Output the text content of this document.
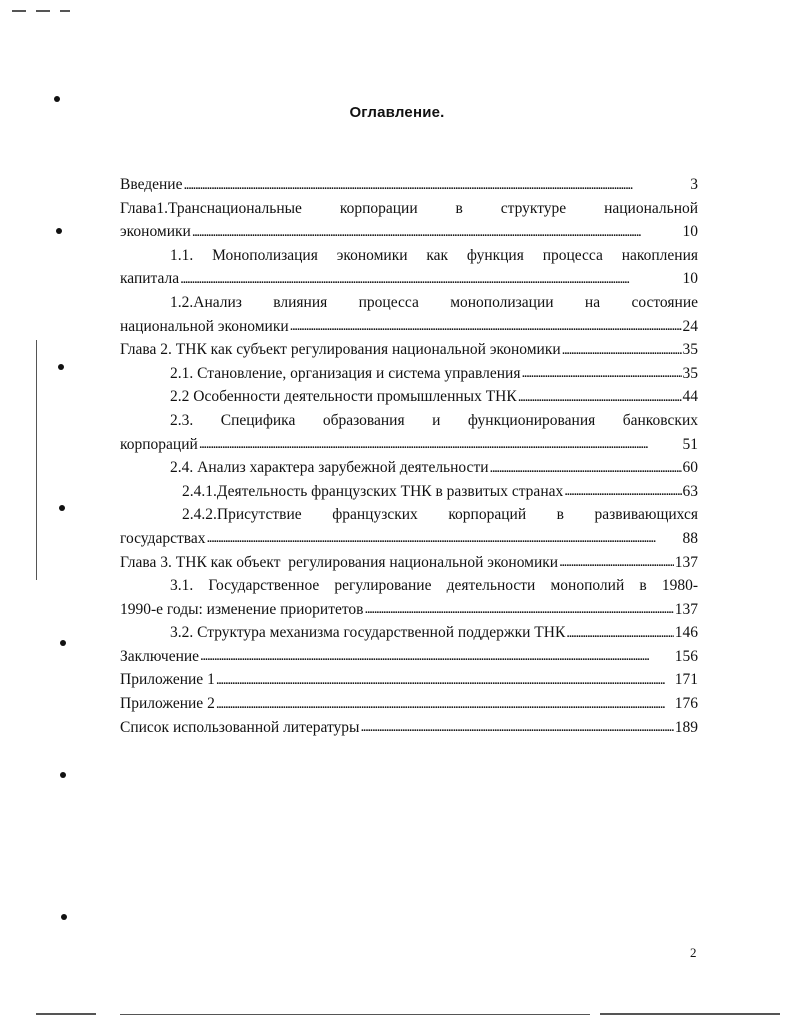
Оглавление.
Введение . . .	3
Глава1.Транснациональные корпорации в структуре национальной
экономики . . .	10
1.1. Монополизация экономики как функция процесса накопления
капитала . . .	10
1.2.Анализ влияния процесса монополизации на состояние
национальной экономики . . .	24
Глава 2. ТНК как субъект регулирования национальной экономики . . .	35
2.1. Становление, организация и система управления . . .	35
2.2 Особенности деятельности промышленных ТНК . . .	44
2.3. Специфика образования и функционирования банковских
корпораций . . .	51
2.4. Анализ характера зарубежной деятельности . . .	60
2.4.1.Деятельность французских ТНК в развитых странах . . .	63
2.4.2.Присутствие французских корпораций в развивающихся
государствах . . .	88
Глава 3. ТНК как объект  регулирования национальной экономики . . .	137
3.1. Государственное регулирование деятельности монополий в 1980-
1990-е годы: изменение приоритетов . . .	137
3.2. Структура механизма государственной поддержки ТНК . . .	146
Заключение . . .	156
Приложение 1 . . .	171
Приложение 2 . . .	176
Список использованной литературы . . .	189
2
